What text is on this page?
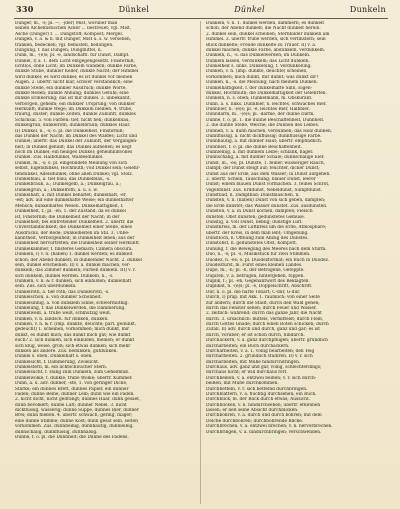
330	Dünkel	Dünkel	Dunkeln
Dünger, m., -s; pl. —, -(der) Mist, worüber man
seinen Alchemistischen Acker ... bestreuet; vgl. Mist,
Asche (Dünger) f. ... Dungstoff; Kompost; Mergel.
Düngen, v. a. & n. mit Dünger, Mist u. s. w. versehen,
tränken, bedecken; vgl. bemisten, bedüngen.
Düngung, f. das Düngen; Düngmittel, n.
Dunk, m., -(e)s; pl. -e, landschaftl. für Dunst, Dampf.
Dunkel, I) a. 1. dem Licht entgegengesetzt, Finsterniß,
lichtlos, ohne Licht; im Dunkeln wandeln; dunkle Farbe,
dunkle Stube, dunkler Keller, dunkle Nacht; der Himmel
wird dunkel; es wird dunkel; es ist dunkel vor meinen
Augen. 2. übertr. nicht klar, schwer verständlich; eine
dunkle Stelle, ein dunkler Ausdruck; dunkle Worte,
dunkle Reden; dunkle Ahnung; dunkles Gefühl; eine
dunkle Erinnerung; das ist mir dunkel. 3. unbekannt,
verborgen, geheim; ein dunkler Ursprung; von dunkler
Herkunft; dunkle Wege; im Dunkeln bleiben. 4. trübe,
traurig, düster; dunkle Zeiten, dunkle Zukunft, dunkles
Schicksal. 5. von Farben: tief, nicht hell; dunkelblau,
dunkelgrün, dunkelroth, dunkelbraun; dunkles Haar.
II) Dunkel, n., -s; o. pl. die Dunkelheit, Finsterniß;
das Dunkel der Nacht; im Dunkel des Waldes; Licht und
Dunkel; übertr. das Dunkel der Zukunft, der Vergangen-
heit; in Dunkel gehüllt; das Dunkel aufhellen; es liegt
noch im Dunkel; ein heiliges Dunkel; geheimnißvolles
Dunkel. Zus. Halbdunkel, Waldesdunkel.
Dünkel, m., -s; o. pl. eingebildete Meinung von sich
selbst, Eigendünkel, Hochmuth; voll Dünkel sein; Gelehr-
tendünkel, Adelsdünkel; ohne allen Dünkel; vgl. Stolz.
Dunkelblau, a. tief blau; das Dunkelblau, -s.
Dunkelbraun, a.; Dunkelgelb, a.; Dunkelgrau, a.;
Dunkelgrün, a.; Dunkelroth, a. u. s. w.
Dunkelhaft, a. mit Dünkel behaftet; dünkelhaft, -er,
-est; adv. auf eine dünkelhafte Weise; ein dünkelhafter
Mensch; dünkelhaftes Wesen. Dünkelhaftigkeit, f.
Dunkelheit, f.; pl. -en, 1. der Zustand, da es dunkel
ist, Finsterniß; die Dunkelheit der Nacht; in der
Dunkelheit; bei eintretender Dunkelheit. 2. übertr. die
Unverständlichkeit; die Dunkelheit einer Stelle, eines
Ausdrucks, der Rede; Dunkelheiten im Stil. 3. Unbe-
kanntheit, Verborgenheit; in Dunkelheit leben; aus der
Dunkelheit hervortreten; die Dunkelheit seiner Herkunft.
Dunkelkammer, f. finsteres Gemach; Camera obscura.
Dunkeln, I) v. n. (haben) 1. dunkel werden; es dunkelt
schon; der Abend dunkelt; in dunkelnder Nacht. 2. dunkel
sein, dunkel erscheinen. II) v. a. dunkel machen, ver-
dunkeln; das Zimmer dunkeln; Farben dunkeln. III) v. r.
sich dunkeln, dunkel werden. Dunkeln, n., -s.
Dünkeln, v. n. & r. dünken, sich einbilden; dünkelhaft
sein. Zus. sich überdünkeln.
Dunkelroth, a. tief roth; das Dunkelroth, -s.
Dunkelschön, a. von dunkler Schönheit.
Dunkelsinnig, a. von dunklem Sinne, schwermüthig.
Dunkelung, f. das Dunkelwerden, die Dämmerung.
Dunkelweiß, a. trübe weiß, schmutzig weiß.
Dunken, v. n. landsch. für dunken, dünken.
Dünken, v. n. & r. (imp. dünkte, deuchte; part. gedünkt,
gedeucht) 1. scheinen, vorkommen; mich dünkt, mir
dünkt, es dünkt mich; das dünkt mich gut; wie dünkt
euch? 2. sich dünken, sich einbilden, meinen; er dünkt
sich klug, weise, groß; sich etwas dünken; sich mehr
dünken als andere. Zus. bedünken, gutdünken.
Dünkel s. oben. Dunkelhaft s. oben.
Dunkelsicht, f. Dämmerung, Zwielicht.
Dunkelstern, m. ein lichtschwacher Stern.
Dunkelsucht, f. Hang zum Dunkeln, zum Geheimniß.
Dunkelwolke, f. dunkle, trübe Wolke; übertr. Kummer.
Dünn, a. u. adv. dünner, -ste, 1. von geringer Dicke,
Stärke; ein dünnes Brett, dünnes Papier, ein dünner
Faden; dünne Beine, dünner Leib; dünn wie ein Faden.
2. nicht dicht, nicht gedrängt; dünnes Haar, dünn gesäet,
dünn bevölkert; dünne Luft; dünner Nebel. 3. nicht
dickflüssig, wässerig; dünne Suppe, dünnes Bier, dünner
Brei; dünn fließen. 4. übertr. schwach, gering, mager;
eine dünne Stimme; dünne Kost; dünn gesät sein, selten
vorkommen. Zus. dünnbeinig, dünnhäutig, dünnleibig,
dünnschalig, dünnflüssig, dünnhalsig.
Dünne, f. o. pl. die Dünnheit; die Dünne des Fadens.
Dunkeln, v. n. 1. dunkel werden, dämmern; es dunkelt
schon, der Abend dunkelt; die Nacht dunkelt herein.
2. dunkel sein, dunkel scheinen; Sternbilder dunkeln am
Himmel. 3. übertr. trübe werden, sich verfinstern; sein
Blick dunkelte; Freude dunkelte zu Trauer. II) v. a.
dunkel machen; dunkle Farbe, abdunkeln, verdunkeln.
Dunkeln, n., -s. das Dunkelwerden; im Dunkeln.
Dunkeln lassen, verdunkeln; das Licht dunkeln.
Dunkelheit s. links. Dunkelung, f. Verdunkelung.
Dünken, v. n. (imp. dünkte, deuchte) scheinen,
vorkommen; mich dünkt, mir dünkt; was dünkt dir?
Dünken, n., -s. die Meinung; nach meinem Dünken.
Dünkelhaftigkeit, f. der dünkelhafte Sinn, Eigen-
dünkel, Hochmuth; die Dünkelhaftigkeit der Gelehrten.
Dunkeln, n. s. oben; Dunkelmann, m. Obskurant.
Dünn, a. s. links. Dünnbier, n. leichtes, schwaches Bier.
Dünnbier, n. -(e)s; pl. -e, leichtes Bier, Halbbier.
Dünndarm, m., -(e)s; pl. -därme, der dünne Darm.
Dünne, f. o. pl. 1. die dünne Beschaffenheit, Dünnheit.
2. die dünne Stelle, Weiche; die Dünnen des Leibes.
Dünnen, v. a. dünn machen, verdünnen; das Holz dünnen.
Dünnflüssig, a. nicht dickflüssig; dünnflüssige Farbe.
Dünnhäutig, a. mit dünner Haut; übertr. empfindlich.
Dünnheit, f. o. pl. die dünne Beschaffenheit.
Dünnleibig, a. mit dünnem Leibe; schlank, hager.
Dünnschalig, a. mit dünner Schale; dünnschalige Eier.
Dunst, m., -es; pl. Dünste, 1. feiner, wässeriger Rauch,
Dampf; der Dunst steigt auf; feuchter, dicker Dunst;
Dunst aus der Erde, aus dem Wasser; in Dunst aufgehen.
2. übertr. Schein, Täuschung; blauer Dunst, leerer
Dunst; einem blauen Dunst vormachen. 3. feines Schrot,
Vogeldunst. Zus. Erddunst, Nebeldunst, Sumpfdunst.
Dunstbad, n. Dampfbad; Dunstbläschen, n.
Dunsten, v. n. (haben) Dunst von sich geben, dampfen;
die Erde dunstet; das Wasser dunstet. Zus. ausdunsten.
Dünsten, v. a. in Dunst kochen, dämpfen; Fleisch
dünsten, Obst dünsten; gedünstetes Gemüse.
Dunstig, a. voll Dunst, neblig; dunstige Luft.
Dunstkreis, m. der Luftkreis um die Erde, Atmosphäre;
übertr. der Kreis, in dem man lebt; Umgebung.
Dunstloch, n. Öffnung zum Abzug des Dunstes.
Dunstobst, n. gedünstetes Obst, Kompott.
Dünung, f. die Bewegung des Meeres nach dem Sturm.
Duo, n., -s; pl. -s, Musikstück für zwei Stimmen.
Duodez, n. -es; o. pl. Duodezformat; ein Buch in Duodez.
Duodezfürst, m. Fürst eines kleinen Landes.
Dupe, m., -n; pl. -n, der Betrogene, Gefoppte.
Dupiren, v. a. betrügen, hintergehen, foppen.
Duplik, f.; pl. -en, Gegenantwort des Beklagten.
Duplikat, n. -(e)s; pl. -e, Doppelschrift, Abschrift.
Dur, n. o. pl. die harte Tonart; C-dur, G-dur.
Durch, I) präp. mit Akk. 1. räumlich: von einer Seite
zur andern; durch die Stadt, durch den Wald gehen;
durch das Fenster sehen; durch Feuer und Wasser.
2. zeitlich: während; durch das ganze Jahr, die Nacht
durch. 3. ursächlich: mittels, vermittelst; durch Fleiß,
durch Gottes Gnade; durch einen Boten schicken; durch
Zufall. II) adv. durch und durch, ganz und gar; es ist
durch, vorüber; er ist schon durch, hindurch.
Durchackern, v. a. ganz durchpflügen; übertr. gründlich
durcharbeiten; ein Buch durchackern.
Durcharbeiten, v. a. 1. völlig bearbeiten; den Teig
durcharbeiten. 2. gründlich studiren. II) v. r. sich
durcharbeiten, mit Mühe hindurchdringen.
Durchaus, adv. ganz und gar, völlig, schlechterdings;
durchaus nicht; er will durchaus fort.
Durchbeißen, v. a. entzwei beißen; v. r. sich durch-
beißen, mit Mühe durchkommen.
Durchbetteln, v. r. sich bettelnd durchbringen.
Durchblättern, v. a. flüchtig durchsehen; ein Buch.
Durchblick, m. der Blick durch etwas; Aussicht.
Durchblicken, v. n. hindurchsehen; übertr. erkennen
lassen; er ließ seine Absicht durchblicken.
Durchbohren, v. a. durch und durch bohren; mit dem
Dolche durchbohren; durchbohrende Blicke.
Durchbrechen, v. a. entzwei brechen; v. n. hervorbrechen.
Durchbringen, v. a. hindurchbringen; verschwenden.
